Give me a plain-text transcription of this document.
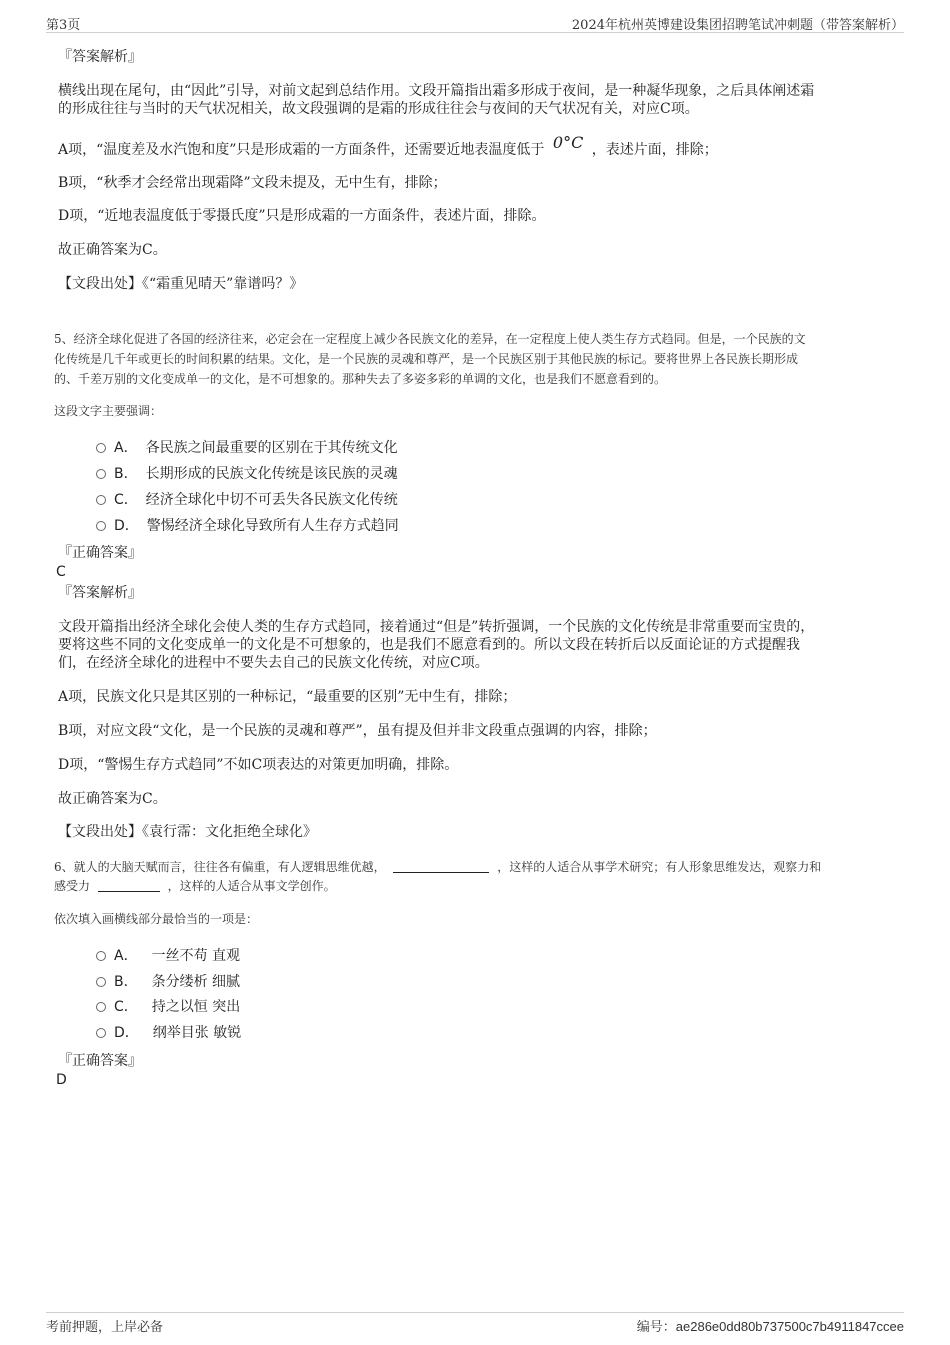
第3页	2024年杭州英博建设集团招聘笔试冲刺题（带答案解析）
『答案解析』
横线出现在尾句，由“因此”引导，对前文起到总结作用。文段开篇指出霜多形成于夜间，是一种凝华现象，之后具体阐述霜
的形成往往与当时的天气状况相关，故文段强调的是霜的形成往往会与夜间的天气状况有关，对应C项。
A项，“温度差及水汽饱和度”只是形成霜的一方面条件，还需要近地表温度低于 0°C ，表述片面，排除；
B项，“秋季才会经常出现霜降”文段未提及，无中生有，排除；
D项，“近地表温度低于零摄氏度”只是形成霜的一方面条件，表述片面，排除。
故正确答案为C。
【文段出处】《“霜重见晴天”靠谱吗？》
5、经济全球化促进了各国的经济往来，必定会在一定程度上减少各民族文化的差异，在一定程度上使人类生存方式趋同。但是，一个民族的文
化传统是几千年或更长的时间积累的结果。文化，是一个民族的灵魂和尊严，是一个民族区别于其他民族的标记。要将世界上各民族长期形成
的、千差万别的文化变成单一的文化，是不可想象的。那种失去了多姿多彩的单调的文化，也是我们不愿意看到的。
这段文字主要强调：
A． 各民族之间最重要的区别在于其传统文化
B． 长期形成的民族文化传统是该民族的灵魂
C． 经济全球化中切不可丢失各民族文化传统
D． 警惕经济全球化导致所有人生存方式趋同
『正确答案』
C
『答案解析』
文段开篇指出经济全球化会使人类的生存方式趋同，接着通过“但是”转折强调，一个民族的文化传统是非常重要而宝贵的，
要将这些不同的文化变成单一的文化是不可想象的，也是我们不愿意看到的。所以文段在转折后以反面论证的方式提醒我
们，在经济全球化的进程中不要失去自己的民族文化传统，对应C项。
A项，民族文化只是其区别的一种标记，“最重要的区别”无中生有，排除；
B项，对应文段“文化，是一个民族的灵魂和尊严”，虽有提及但并非文段重点强调的内容，排除；
D项，“警惕生存方式趋同”不如C项表达的对策更加明确，排除。
故正确答案为C。
【文段出处】《袁行霈：文化拒绝全球化》
6、就人的大脑天赋而言，往往各有偏重，有人逻辑思维优越，	，这样的人适合从事学术研究；有人形象思维发达，观察力和
感受力	，这样的人适合从事文学创作。
依次填入画横线部分最恰当的一项是：
A． 一丝不苟 直观
B． 条分缕析 细腻
C． 持之以恒 突出
D． 纲举目张 敏锐
『正确答案』
D
考前押题，上岸必备	编号：ae286e0dd80b737500c7b4911847ccee
